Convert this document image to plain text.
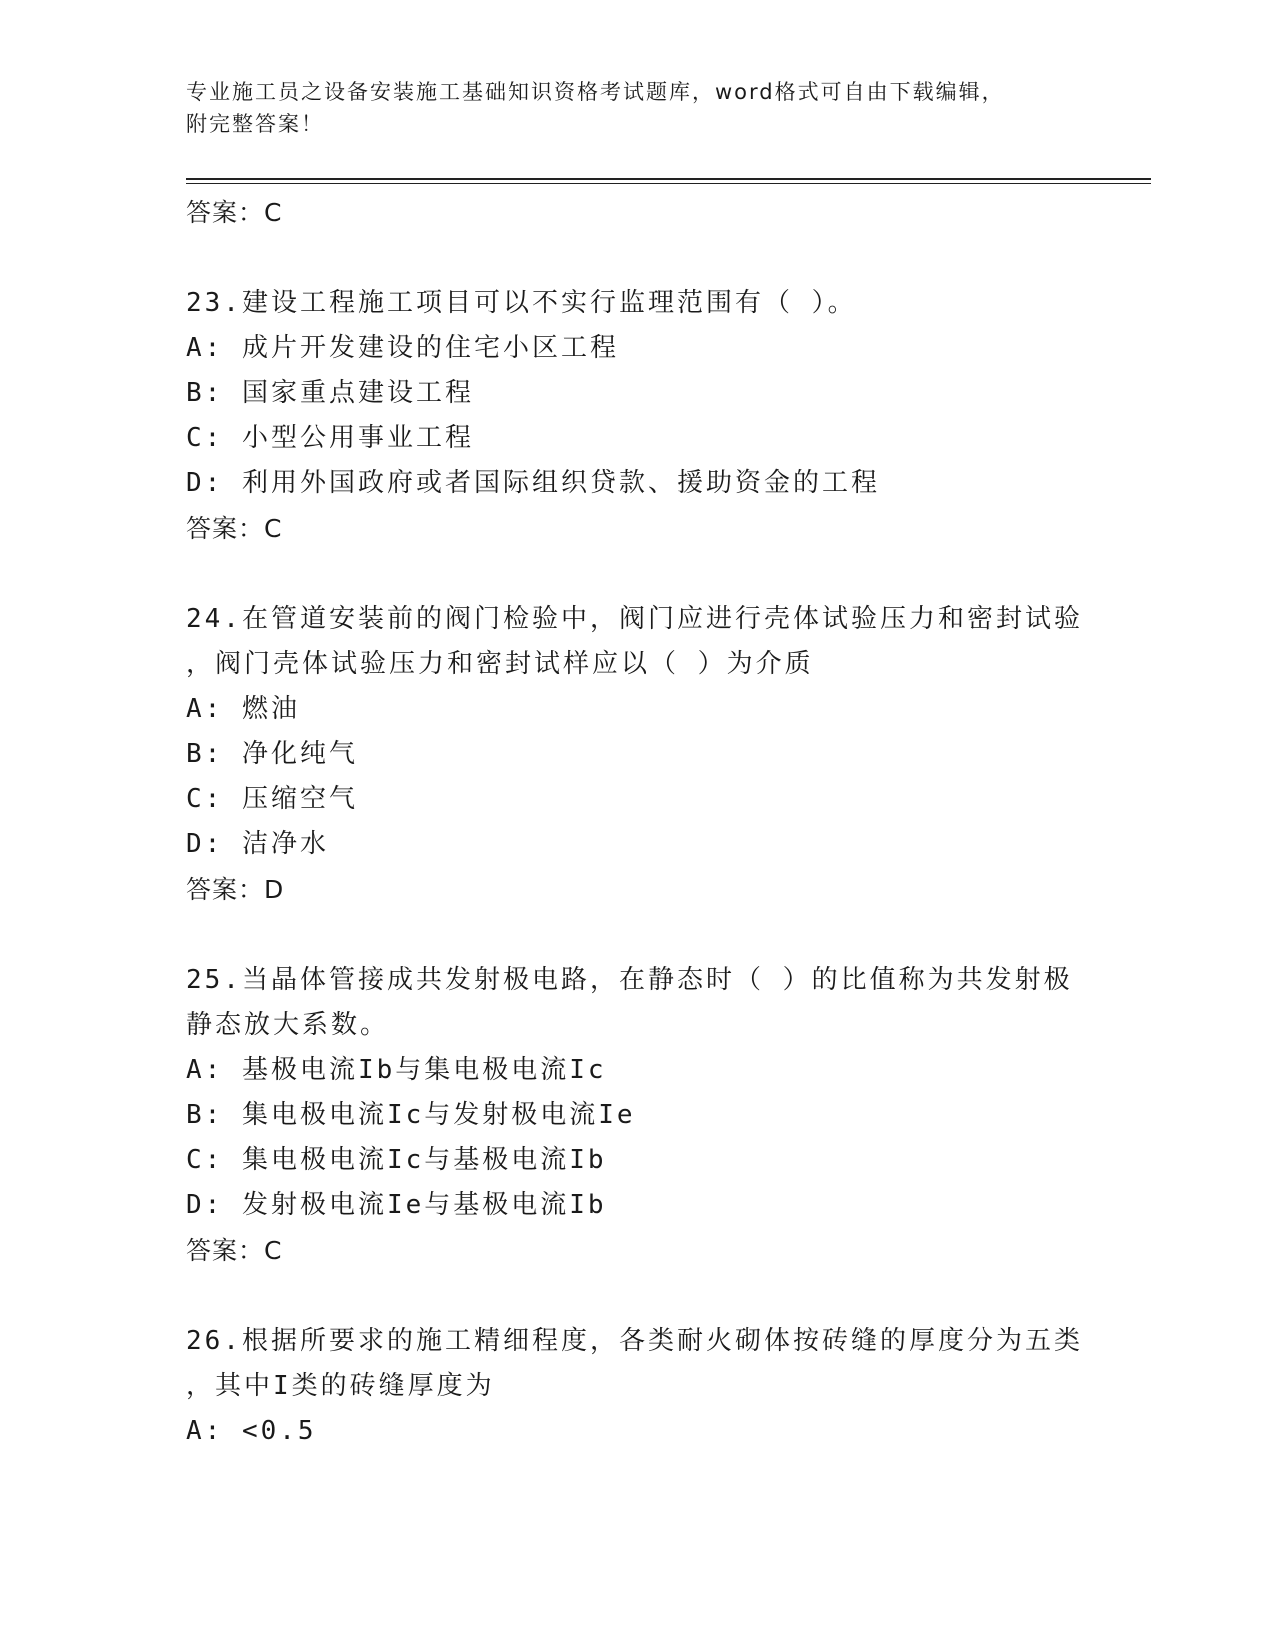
专业施工员之设备安装施工基础知识资格考试题库，word格式可自由下载编辑，
附完整答案！
答案：C
23.建设工程施工项目可以不实行监理范围有（ ）。
A: 成片开发建设的住宅小区工程
B: 国家重点建设工程
C: 小型公用事业工程
D: 利用外国政府或者国际组织贷款、援助资金的工程
答案：C
24.在管道安装前的阀门检验中，阀门应进行壳体试验压力和密封试验
，阀门壳体试验压力和密封试样应以（ ）为介质
A: 燃油
B: 净化纯气
C: 压缩空气
D: 洁净水
答案：D
25.当晶体管接成共发射极电路，在静态时（ ）的比值称为共发射极
静态放大系数。
A: 基极电流Ib与集电极电流Ic
B: 集电极电流Ic与发射极电流Ie
C: 集电极电流Ic与基极电流Ib
D: 发射极电流Ie与基极电流Ib
答案：C
26.根据所要求的施工精细程度，各类耐火砌体按砖缝的厚度分为五类
，其中I类的砖缝厚度为
A: <0.5
